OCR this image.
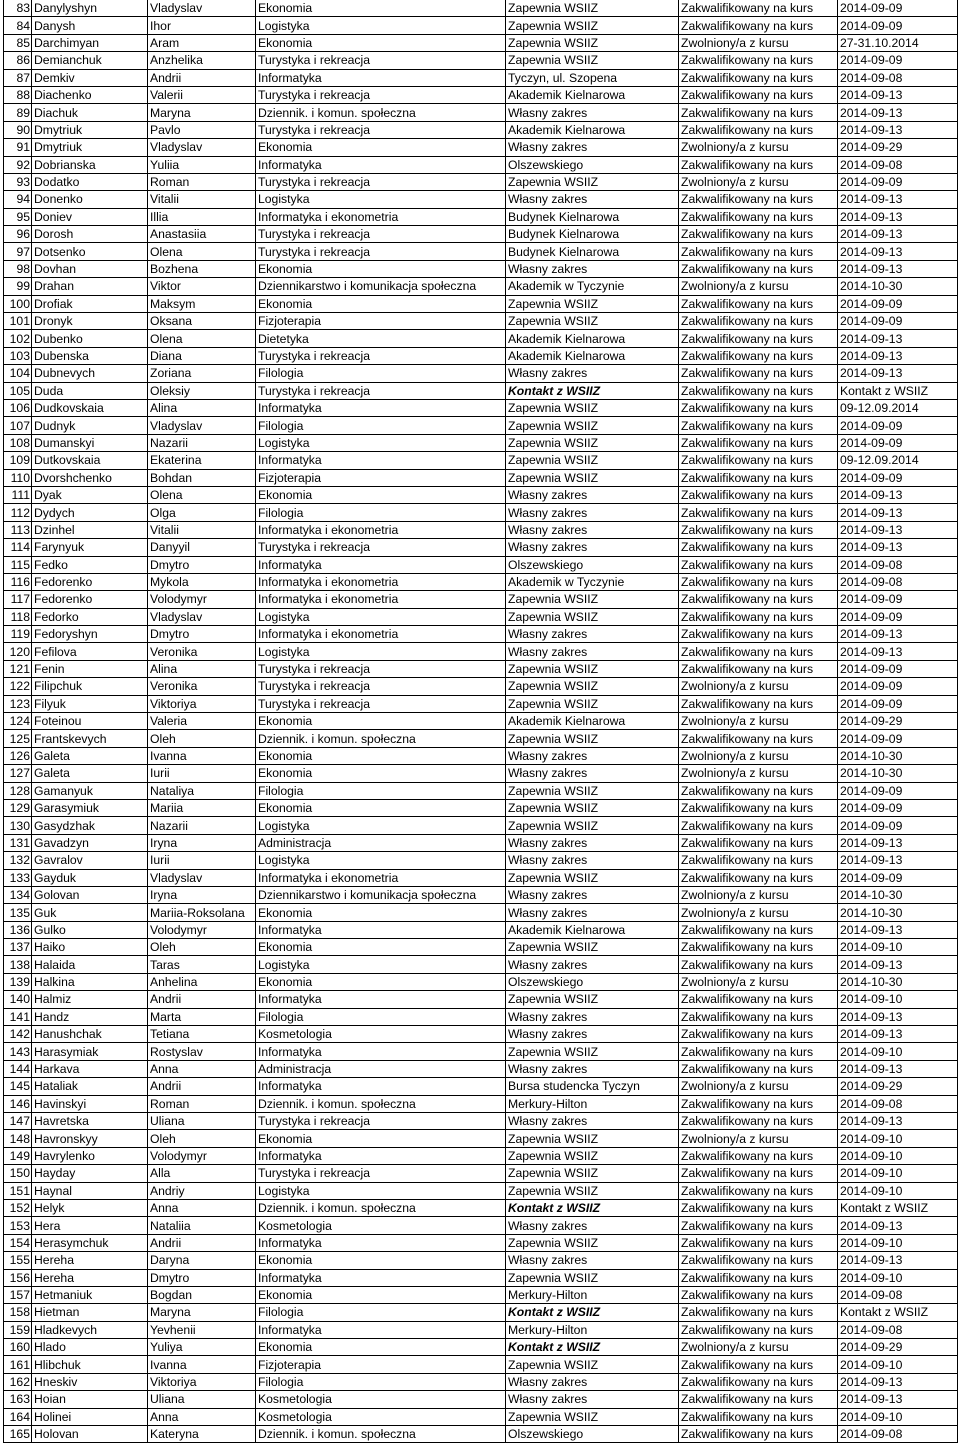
83	Danylyshyn	Vladyslav	Ekonomia	Zapewnia WSIIZ	Zakwalifikowany na kurs	2014-09-09
84	Danysh	Ihor	Logistyka	Zapewnia WSIIZ	Zakwalifikowany na kurs	2014-09-09
85	Darchimyan	Aram	Ekonomia	Zapewnia WSIIZ	Zwolniony/a z kursu	27-31.10.2014
86	Demianchuk	Anzhelika	Turystyka i rekreacja	Zapewnia WSIIZ	Zakwalifikowany na kurs	2014-09-09
87	Demkiv	Andrii	Informatyka	Tyczyn, ul. Szopena	Zakwalifikowany na kurs	2014-09-08
88	Diachenko	Valerii	Turystyka i rekreacja	Akademik Kielnarowa	Zakwalifikowany na kurs	2014-09-13
89	Diachuk	Maryna	Dziennik. i komun. społeczna	Własny zakres	Zakwalifikowany na kurs	2014-09-13
90	Dmytriuk	Pavlo	Turystyka i rekreacja	Akademik Kielnarowa	Zakwalifikowany na kurs	2014-09-13
91	Dmytriuk	Vladyslav	Ekonomia	Własny zakres	Zwolniony/a z kursu	2014-09-29
92	Dobrianska	Yuliia	Informatyka	Olszewskiego	Zakwalifikowany na kurs	2014-09-08
93	Dodatko	Roman	Turystyka i rekreacja	Zapewnia WSIIZ	Zwolniony/a z kursu	2014-09-09
94	Donenko	Vitalii	Logistyka	Własny zakres	Zakwalifikowany na kurs	2014-09-13
95	Doniev	Illia	Informatyka i ekonometria	Budynek Kielnarowa	Zakwalifikowany na kurs	2014-09-13
96	Dorosh	Anastasiia	Turystyka i rekreacja	Budynek Kielnarowa	Zakwalifikowany na kurs	2014-09-13
97	Dotsenko	Olena	Turystyka i rekreacja	Budynek Kielnarowa	Zakwalifikowany na kurs	2014-09-13
98	Dovhan	Bozhena	Ekonomia	Własny zakres	Zakwalifikowany na kurs	2014-09-13
99	Drahan	Viktor	Dziennikarstwo i komunikacja społeczna	Akademik w Tyczynie	Zwolniony/a z kursu	2014-10-30
100	Drofiak	Maksym	Ekonomia	Zapewnia WSIIZ	Zakwalifikowany na kurs	2014-09-09
101	Dronyk	Oksana	Fizjoterapia	Zapewnia WSIIZ	Zakwalifikowany na kurs	2014-09-09
102	Dubenko	Olena	Dietetyka	Akademik Kielnarowa	Zakwalifikowany na kurs	2014-09-13
103	Dubenska	Diana	Turystyka i rekreacja	Akademik Kielnarowa	Zakwalifikowany na kurs	2014-09-13
104	Dubnevych	Zoriana	Filologia	Własny zakres	Zakwalifikowany na kurs	2014-09-13
105	Duda	Oleksiy	Turystyka i rekreacja	Kontakt z WSIIZ	Zakwalifikowany na kurs	Kontakt z WSIIZ
106	Dudkovskaia	Alina	Informatyka	Zapewnia WSIIZ	Zakwalifikowany na kurs	09-12.09.2014
107	Dudnyk	Vladyslav	Filologia	Zapewnia WSIIZ	Zakwalifikowany na kurs	2014-09-09
108	Dumanskyi	Nazarii	Logistyka	Zapewnia WSIIZ	Zakwalifikowany na kurs	2014-09-09
109	Dutkovskaia	Ekaterina	Informatyka	Zapewnia WSIIZ	Zakwalifikowany na kurs	09-12.09.2014
110	Dvorshchenko	Bohdan	Fizjoterapia	Zapewnia WSIIZ	Zakwalifikowany na kurs	2014-09-09
111	Dyak	Olena	Ekonomia	Własny zakres	Zakwalifikowany na kurs	2014-09-13
112	Dydych	Olga	Filologia	Własny zakres	Zakwalifikowany na kurs	2014-09-13
113	Dzinhel	Vitalii	Informatyka i ekonometria	Własny zakres	Zakwalifikowany na kurs	2014-09-13
114	Farynyuk	Danyyil	Turystyka i rekreacja	Własny zakres	Zakwalifikowany na kurs	2014-09-13
115	Fedko	Dmytro	Informatyka	Olszewskiego	Zakwalifikowany na kurs	2014-09-08
116	Fedorenko	Mykola	Informatyka i ekonometria	Akademik w Tyczynie	Zakwalifikowany na kurs	2014-09-08
117	Fedorenko	Volodymyr	Informatyka i ekonometria	Zapewnia WSIIZ	Zakwalifikowany na kurs	2014-09-09
118	Fedorko	Vladyslav	Logistyka	Zapewnia WSIIZ	Zakwalifikowany na kurs	2014-09-09
119	Fedoryshyn	Dmytro	Informatyka i ekonometria	Własny zakres	Zakwalifikowany na kurs	2014-09-13
120	Fefilova	Veronika	Logistyka	Własny zakres	Zakwalifikowany na kurs	2014-09-13
121	Fenin	Alina	Turystyka i rekreacja	Zapewnia WSIIZ	Zakwalifikowany na kurs	2014-09-09
122	Filipchuk	Veronika	Turystyka i rekreacja	Zapewnia WSIIZ	Zwolniony/a z kursu	2014-09-09
123	Filyuk	Viktoriya	Turystyka i rekreacja	Zapewnia WSIIZ	Zakwalifikowany na kurs	2014-09-09
124	Foteinou	Valeria	Ekonomia	Akademik Kielnarowa	Zwolniony/a z kursu	2014-09-29
125	Frantskevych	Oleh	Dziennik. i komun. społeczna	Zapewnia WSIIZ	Zakwalifikowany na kurs	2014-09-09
126	Galeta	Ivanna	Ekonomia	Własny zakres	Zwolniony/a z kursu	2014-10-30
127	Galeta	Iurii	Ekonomia	Własny zakres	Zwolniony/a z kursu	2014-10-30
128	Gamanyuk	Nataliya	Filologia	Zapewnia WSIIZ	Zakwalifikowany na kurs	2014-09-09
129	Garasymiuk	Mariia	Ekonomia	Zapewnia WSIIZ	Zakwalifikowany na kurs	2014-09-09
130	Gasydzhak	Nazarii	Logistyka	Zapewnia WSIIZ	Zakwalifikowany na kurs	2014-09-09
131	Gavadzyn	Iryna	Administracja	Własny zakres	Zakwalifikowany na kurs	2014-09-13
132	Gavralov	Iurii	Logistyka	Własny zakres	Zakwalifikowany na kurs	2014-09-13
133	Gayduk	Vladyslav	Informatyka i ekonometria	Zapewnia WSIIZ	Zakwalifikowany na kurs	2014-09-09
134	Golovan	Iryna	Dziennikarstwo i komunikacja społeczna	Własny zakres	Zwolniony/a z kursu	2014-10-30
135	Guk	Mariia-Roksolana	Ekonomia	Własny zakres	Zwolniony/a z kursu	2014-10-30
136	Gulko	Volodymyr	Informatyka	Akademik Kielnarowa	Zakwalifikowany na kurs	2014-09-13
137	Haiko	Oleh	Ekonomia	Zapewnia WSIIZ	Zakwalifikowany na kurs	2014-09-10
138	Halaida	Taras	Logistyka	Własny zakres	Zakwalifikowany na kurs	2014-09-13
139	Halkina	Anhelina	Ekonomia	Olszewskiego	Zwolniony/a z kursu	2014-10-30
140	Halmiz	Andrii	Informatyka	Zapewnia WSIIZ	Zakwalifikowany na kurs	2014-09-10
141	Handz	Marta	Filologia	Własny zakres	Zakwalifikowany na kurs	2014-09-13
142	Hanushchak	Tetiana	Kosmetologia	Własny zakres	Zakwalifikowany na kurs	2014-09-13
143	Harasymiak	Rostyslav	Informatyka	Zapewnia WSIIZ	Zakwalifikowany na kurs	2014-09-10
144	Harkava	Anna	Administracja	Własny zakres	Zakwalifikowany na kurs	2014-09-13
145	Hataliak	Andrii	Informatyka	Bursa studencka Tyczyn	Zwolniony/a z kursu	2014-09-29
146	Havinskyi	Roman	Dziennik. i komun. społeczna	Merkury-Hilton	Zakwalifikowany na kurs	2014-09-08
147	Havretska	Uliana	Turystyka i rekreacja	Własny zakres	Zakwalifikowany na kurs	2014-09-13
148	Havronskyy	Oleh	Ekonomia	Zapewnia WSIIZ	Zwolniony/a z kursu	2014-09-10
149	Havrylenko	Volodymyr	Informatyka	Zapewnia WSIIZ	Zakwalifikowany na kurs	2014-09-10
150	Hayday	Alla	Turystyka i rekreacja	Zapewnia WSIIZ	Zakwalifikowany na kurs	2014-09-10
151	Haynal	Andriy	Logistyka	Zapewnia WSIIZ	Zakwalifikowany na kurs	2014-09-10
152	Helyk	Anna	Dziennik. i komun. społeczna	Kontakt z WSIIZ	Zakwalifikowany na kurs	Kontakt z WSIIZ
153	Hera	Nataliia	Kosmetologia	Własny zakres	Zakwalifikowany na kurs	2014-09-13
154	Herasymchuk	Andrii	Informatyka	Zapewnia WSIIZ	Zakwalifikowany na kurs	2014-09-10
155	Hereha	Daryna	Ekonomia	Własny zakres	Zakwalifikowany na kurs	2014-09-13
156	Hereha	Dmytro	Informatyka	Zapewnia WSIIZ	Zakwalifikowany na kurs	2014-09-10
157	Hetmaniuk	Bogdan	Ekonomia	Merkury-Hilton	Zakwalifikowany na kurs	2014-09-08
158	Hietman	Maryna	Filologia	Kontakt z WSIIZ	Zakwalifikowany na kurs	Kontakt z WSIIZ
159	Hladkevych	Yevhenii	Informatyka	Merkury-Hilton	Zakwalifikowany na kurs	2014-09-08
160	Hlado	Yuliya	Ekonomia	Kontakt z WSIIZ	Zwolniony/a z kursu	2014-09-29
161	Hlibchuk	Ivanna	Fizjoterapia	Zapewnia WSIIZ	Zakwalifikowany na kurs	2014-09-10
162	Hneskiv	Viktoriya	Filologia	Własny zakres	Zakwalifikowany na kurs	2014-09-13
163	Hoian	Uliana	Kosmetologia	Własny zakres	Zakwalifikowany na kurs	2014-09-13
164	Holinei	Anna	Kosmetologia	Zapewnia WSIIZ	Zakwalifikowany na kurs	2014-09-10
165	Holovan	Kateryna	Dziennik. i komun. społeczna	Olszewskiego	Zakwalifikowany na kurs	2014-09-08
